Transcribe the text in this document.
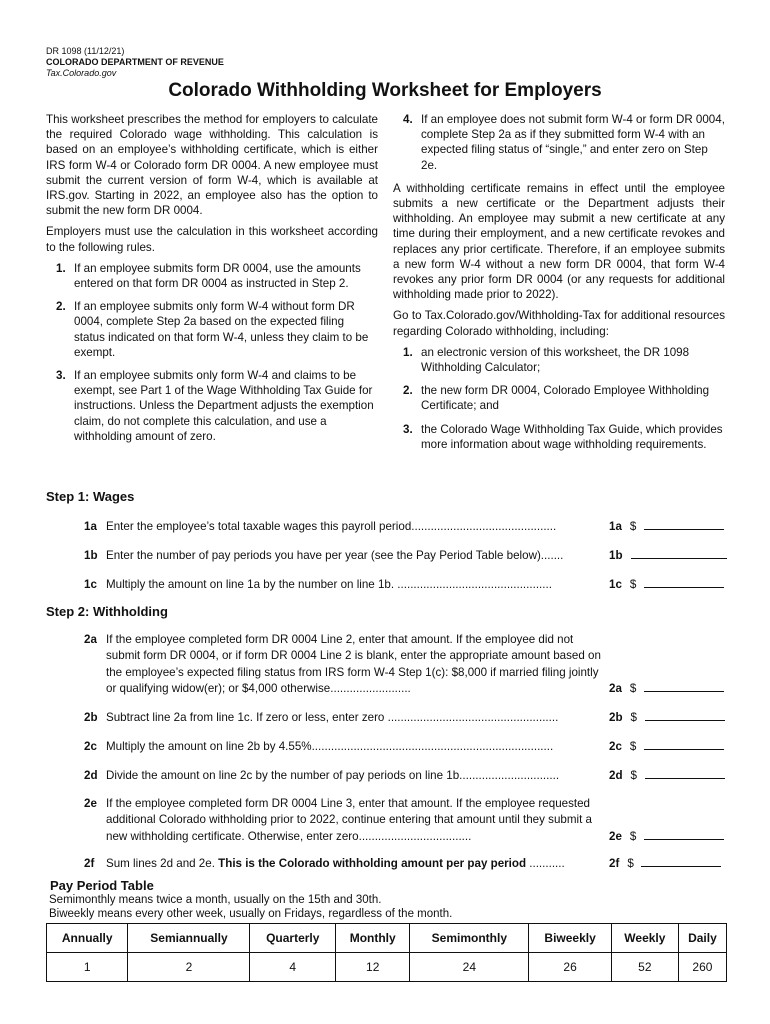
DR 1098 (11/12/21)
COLORADO DEPARTMENT OF REVENUE
Tax.Colorado.gov
Colorado Withholding Worksheet for Employers

This worksheet prescribes the method for employers to calculate the required Colorado wage withholding. This calculation is based on an employee’s withholding certificate, which is either IRS form W-4 or Colorado form DR 0004. A new employee must submit the current version of form W-4, which is available at IRS.gov. Starting in 2022, an employee also has the option to submit the new form DR 0004.

Employers must use the calculation in this worksheet according to the following rules.

1. If an employee submits form DR 0004, use the amounts entered on that form DR 0004 as instructed in Step 2.
2. If an employee submits only form W-4 without form DR 0004, complete Step 2a based on the expected filing status indicated on that form W-4, unless they claim to be exempt.
3. If an employee submits only form W-4 and claims to be exempt, see Part 1 of the Wage Withholding Tax Guide for instructions. Unless the Department adjusts the exemption claim, do not complete this calculation, and use a withholding amount of zero.
4. If an employee does not submit form W-4 or form DR 0004, complete Step 2a as if they submitted form W-4 with an expected filing status of “single,” and enter zero on Step 2e.

A withholding certificate remains in effect until the employee submits a new certificate or the Department adjusts their withholding. An employee may submit a new certificate at any time during their employment, and a new certificate revokes and replaces any prior certificate. Therefore, if an employee submits a new form W-4 without a new form DR 0004, that form W-4 revokes any prior form DR 0004 (or any requests for additional withholding made prior to 2022).

Go to Tax.Colorado.gov/Withholding-Tax for additional resources regarding Colorado withholding, including:

1. an electronic version of this worksheet, the DR 1098 Withholding Calculator;
2. the new form DR 0004, Colorado Employee Withholding Certificate; and
3. the Colorado Wage Withholding Tax Guide, which provides more information about wage withholding requirements.
Step 1: Wages
1a Enter the employee’s total taxable wages this payroll period.............................................	1a $
1b Enter the number of pay periods you have per year (see the Pay Period Table below).......	1b
1c Multiply the amount on line 1a by the number on line 1b. ................................................	1c $
Step 2: Withholding
2a If the employee completed form DR 0004 Line 2, enter that amount. If the employee did not submit form DR 0004, or if form DR 0004 Line 2 is blank, enter the appropriate amount based on the employee’s expected filing status from IRS form W-4 Step 1(c): $8,000 if married filing jointly or qualifying widow(er); or $4,000 otherwise.........................	2a $
2b Subtract line 2a from line 1c. If zero or less, enter zero .....................................................	2b $
2c Multiply the amount on line 2b by 4.55%...........................................................................	2c $
2d Divide the amount on line 2c by the number of pay periods on line 1b...............................	2d $
2e If the employee completed form DR 0004 Line 3, enter that amount. If the employee requested additional Colorado withholding prior to 2022, continue entering that amount until they submit a new withholding certificate. Otherwise, enter zero...................................	2e $
2f Sum lines 2d and 2e. This is the Colorado withholding amount per pay period ...........	2f $
Pay Period Table
Semimonthly means twice a month, usually on the 15th and 30th.
Biweekly means every other week, usually on Fridays, regardless of the month.
Annually	Semiannually	Quarterly	Monthly	Semimonthly	Biweekly	Weekly	Daily
1	2	4	12	24	26	52	260
